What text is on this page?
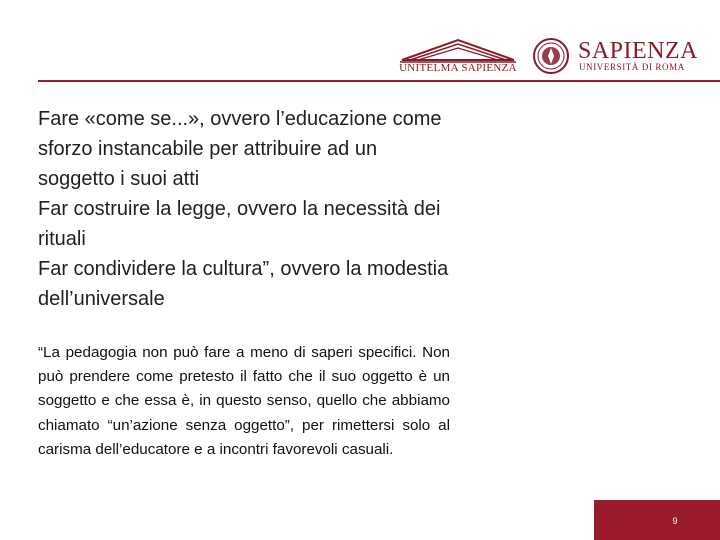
UNITELMA SAPIENZA
SAPIENZA
UNIVERSITÀ DI ROMA

Fare «come se...», ovvero l’educazione come sforzo instancabile per attribuire ad un soggetto i suoi atti

Far costruire la legge, ovvero la necessità dei rituali

Far condividere la cultura”, ovvero la modestia dell’universale

“La pedagogia non può fare a meno di saperi specifici. Non può prendere come pretesto il fatto che il suo oggetto è un soggetto e che essa è, in questo senso, quello che abbiamo chiamato “un’azione senza oggetto”, per rimettersi solo al carisma dell’educatore e a incontri favorevoli casuali.
9
